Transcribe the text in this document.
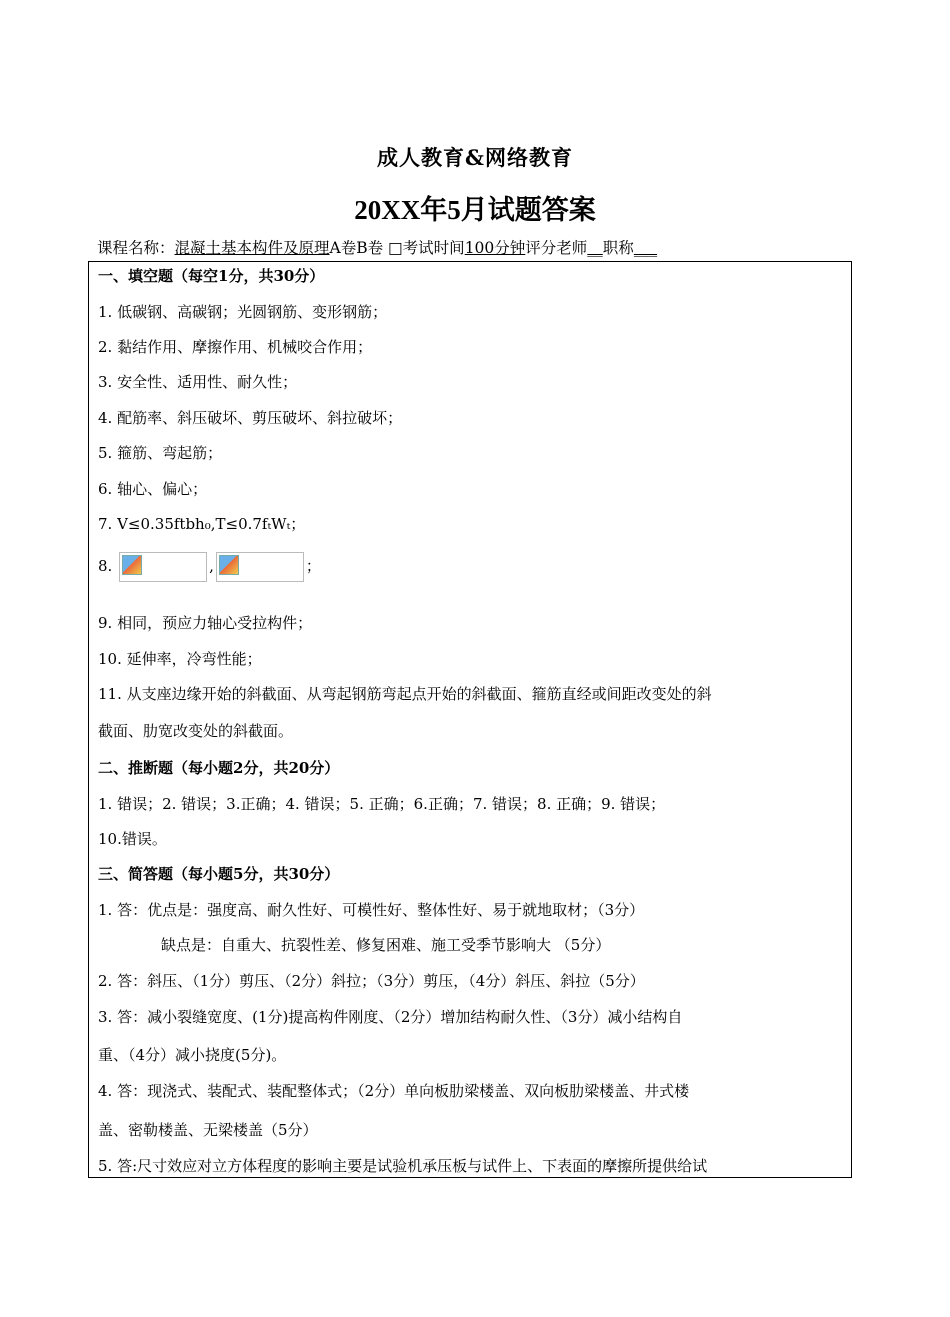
成人教育&网络教育
20XX年5月试题答案
课程名称：混凝土基本构件及原理A卷B卷 □考试时间100分钟评分老师__职称___
一、填空题（每空1分，共30分）
1. 低碳钢、高碳钢；光圆钢筋、变形钢筋；
2. 黏结作用、摩擦作用、机械咬合作用；
3. 安全性、适用性、耐久性；
4. 配筋率、斜压破坏、剪压破坏、斜拉破坏；
5. 箍筋、弯起筋；
6. 轴心、偏心；
7. V≤0.35ftbh₀,T≤0.7fₜWₜ；
8.	,	；
9. 相同，预应力轴心受拉构件；
10. 延伸率，冷弯性能；
11. 从支座边缘开始的斜截面、从弯起钢筋弯起点开始的斜截面、箍筋直经或间距改变处的斜
截面、肋宽改变处的斜截面。
二、推断题（每小题2分，共20分）
1. 错误；2. 错误；3.正确；4. 错误；5. 正确；6.正确；7. 错误；8. 正确；9. 错误；
10.错误。
三、简答题（每小题5分，共30分）
1. 答：优点是：强度高、耐久性好、可模性好、整体性好、易于就地取材；（3分）
缺点是：自重大、抗裂性差、修复困难、施工受季节影响大 （5分）
2. 答：斜压、（1分）剪压、（2分）斜拉；（3分）剪压，（4分）斜压、斜拉（5分）
3. 答：减小裂缝宽度、(1分)提高构件刚度、（2分）增加结构耐久性、（3分）减小结构自
重、（4分）减小挠度(5分)。
4. 答：现浇式、装配式、装配整体式；（2分）单向板肋梁楼盖、双向板肋梁楼盖、井式楼
盖、密勒楼盖、无梁楼盖（5分）
5. 答:尺寸效应对立方体程度的影响主要是试验机承压板与试件上、下表面的摩擦所提供给试
